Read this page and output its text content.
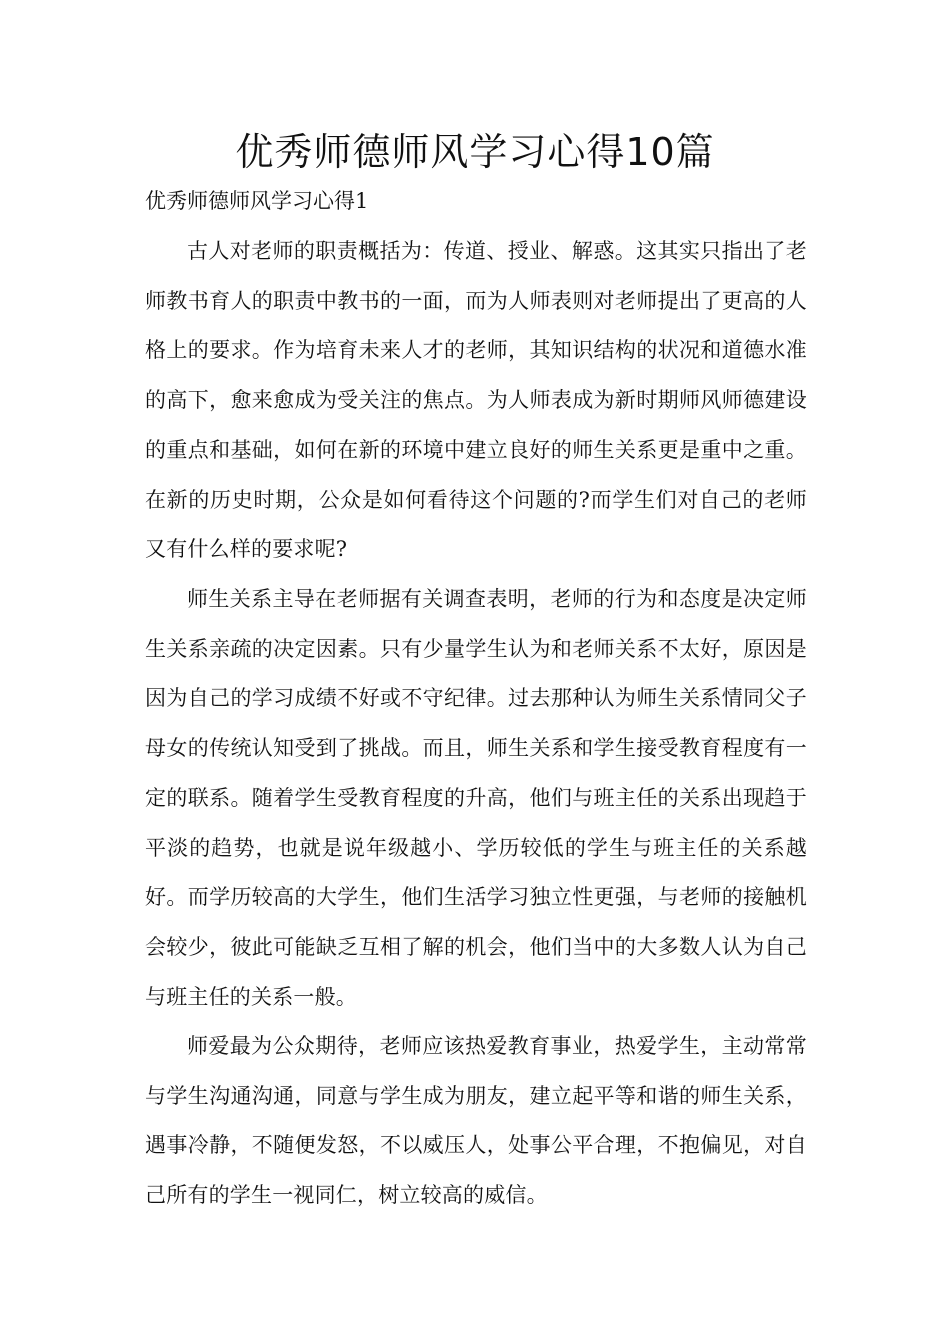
优秀师德师风学习心得10篇
优秀师德师风学习心得1

古人对老师的职责概括为：传道、授业、解惑。这其实只指出了老师教书育人的职责中教书的一面，而为人师表则对老师提出了更高的人格上的要求。作为培育未来人才的老师，其知识结构的状况和道德水准的高下，愈来愈成为受关注的焦点。为人师表成为新时期师风师德建设的重点和基础，如何在新的环境中建立良好的师生关系更是重中之重。在新的历史时期，公众是如何看待这个问题的?而学生们对自己的老师又有什么样的要求呢?

师生关系主导在老师据有关调查表明，老师的行为和态度是决定师生关系亲疏的决定因素。只有少量学生认为和老师关系不太好，原因是因为自己的学习成绩不好或不守纪律。过去那种认为师生关系情同父子母女的传统认知受到了挑战。而且，师生关系和学生接受教育程度有一定的联系。随着学生受教育程度的升高，他们与班主任的关系出现趋于平淡的趋势，也就是说年级越小、学历较低的学生与班主任的关系越好。而学历较高的大学生，他们生活学习独立性更强，与老师的接触机会较少，彼此可能缺乏互相了解的机会，他们当中的大多数人认为自己与班主任的关系一般。

师爱最为公众期待，老师应该热爱教育事业，热爱学生，主动常常与学生沟通沟通，同意与学生成为朋友，建立起平等和谐的师生关系，遇事冷静，不随便发怒，不以威压人，处事公平合理，不抱偏见，对自己所有的学生一视同仁，树立较高的威信。
